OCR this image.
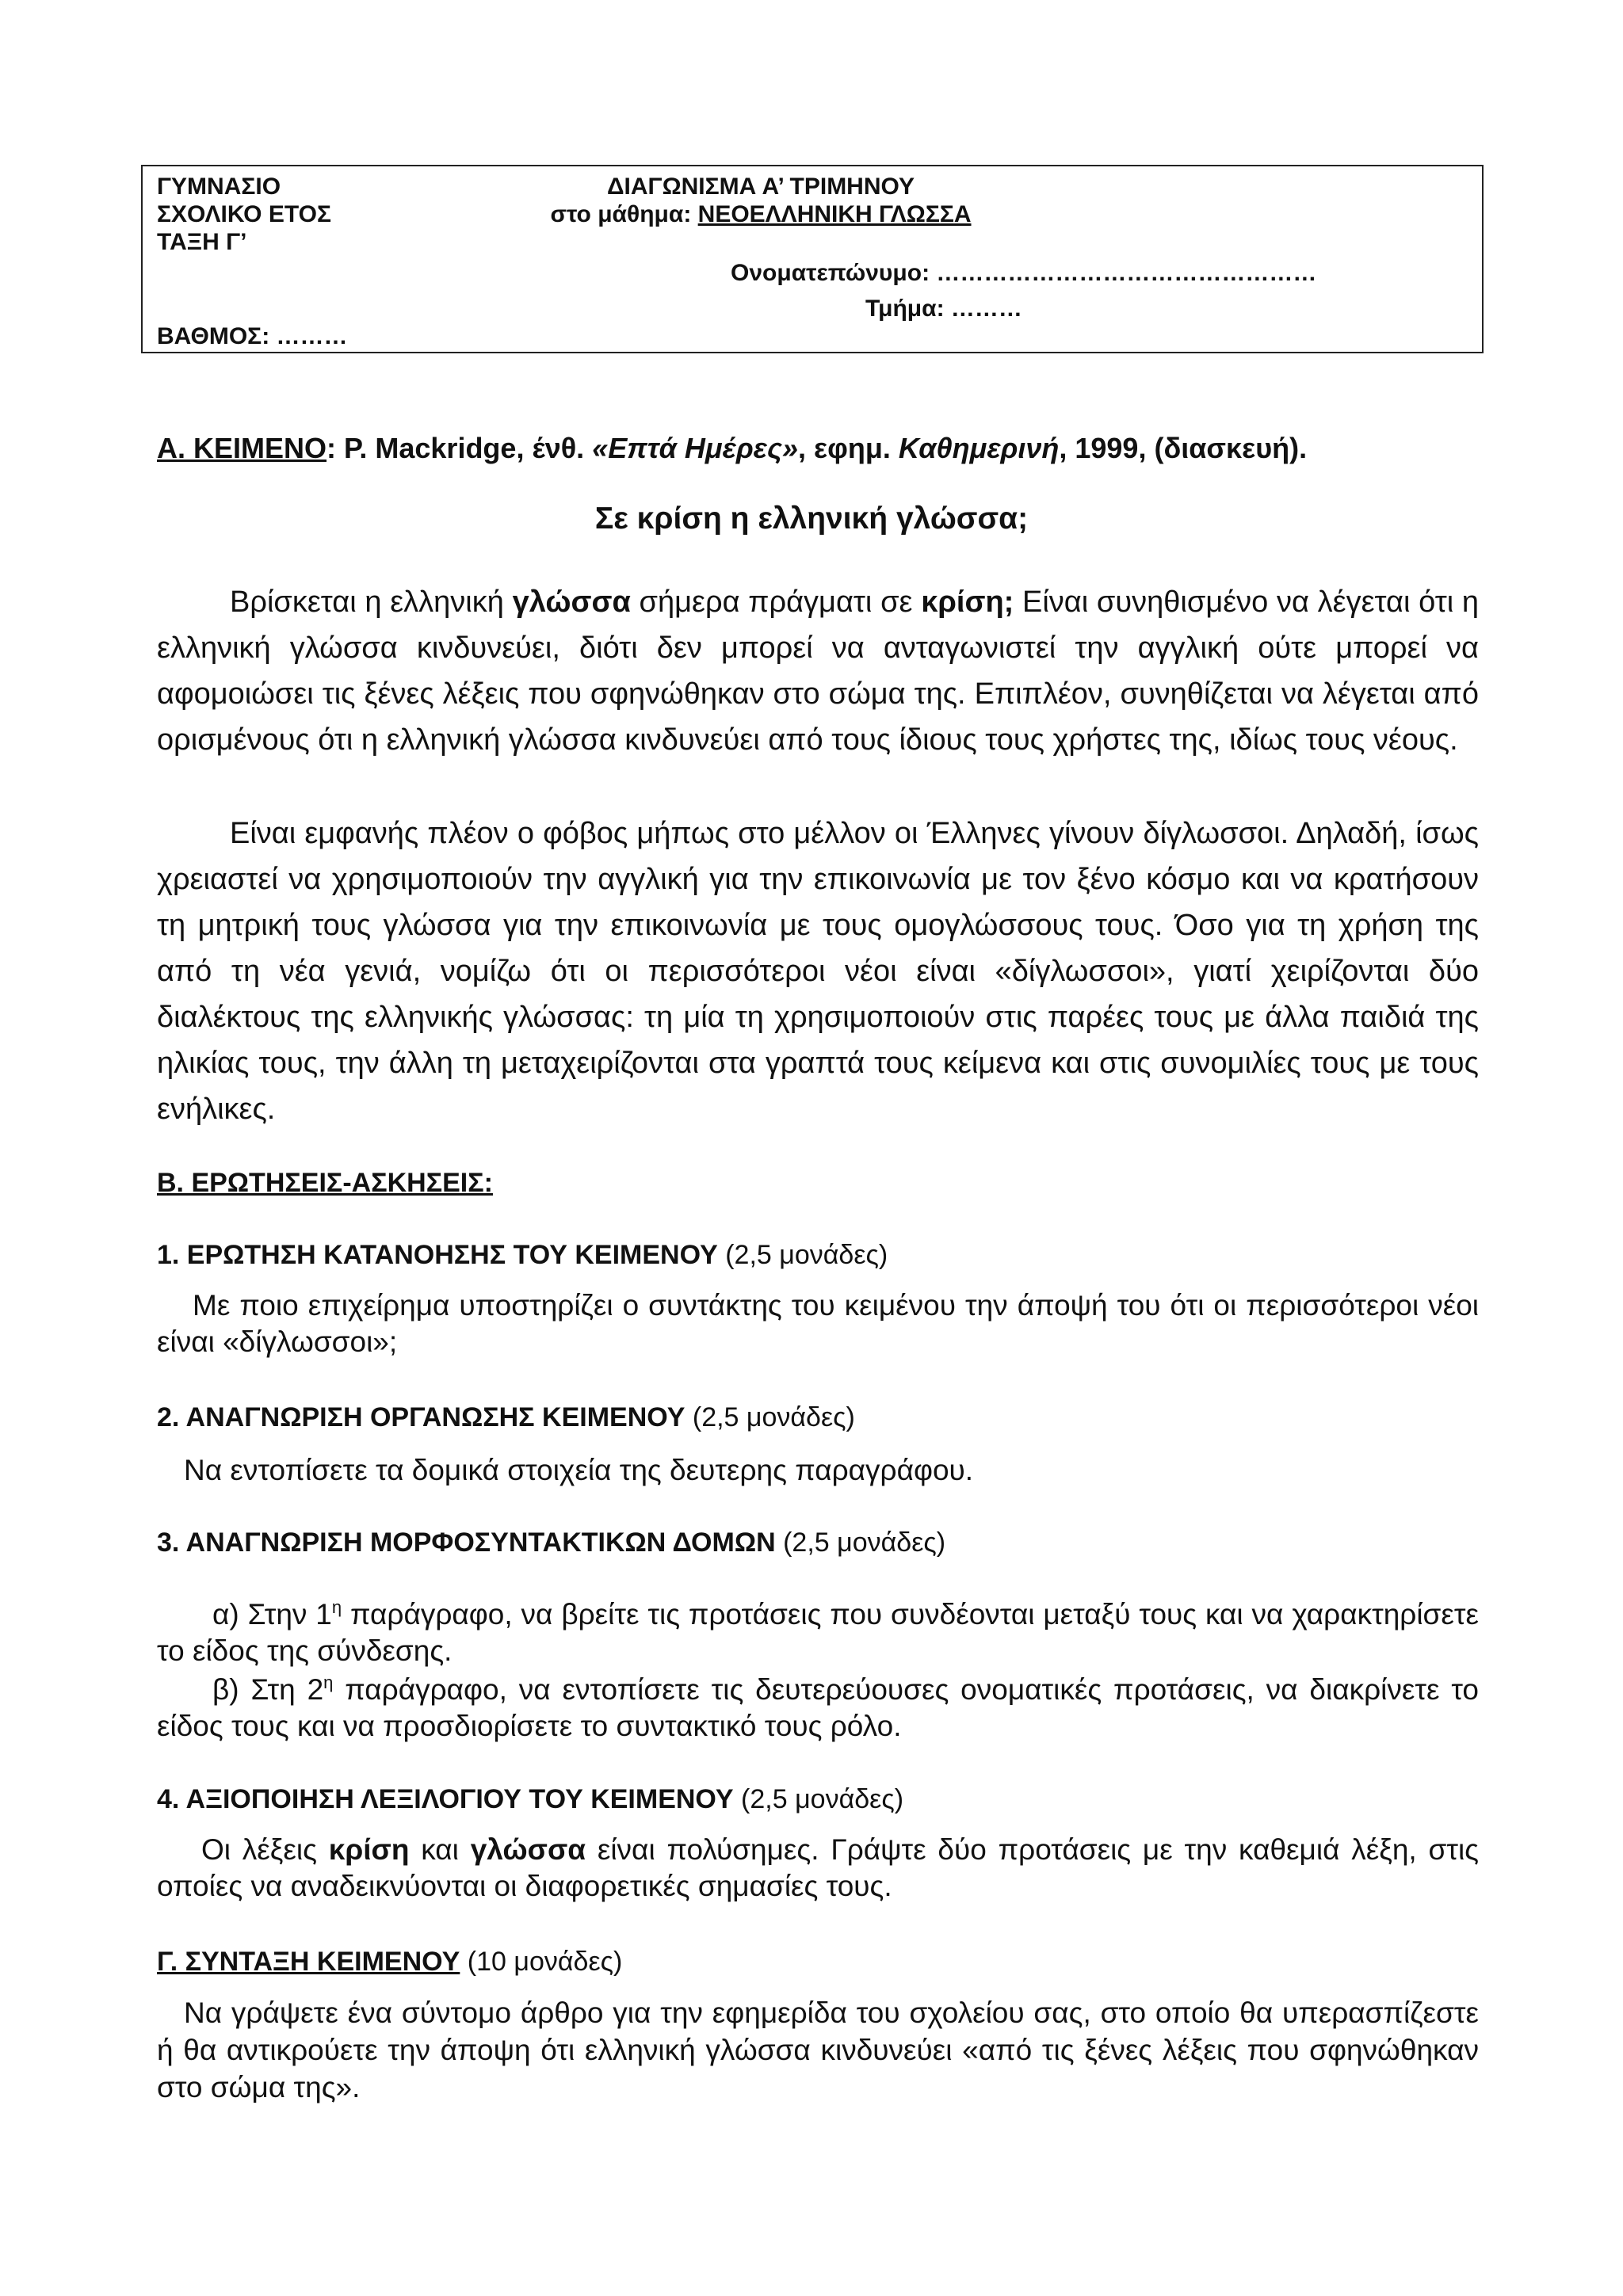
ΓΥΜΝΑΣΙΟ
ΣΧΟΛΙΚΟ ΕΤΟΣ
ΤΑΞΗ Γ’
ΒΑΘΜΟΣ: ………
ΔΙΑΓΩΝΙΣΜΑ Α’ ΤΡΙΜΗΝΟΥ
στο μάθημα: ΝΕΟΕΛΛΗΝΙΚΗ ΓΛΩΣΣΑ
Ονοματεπώνυμο: …………………………………………
Τμήμα: ………
Α. ΚΕΙΜΕΝΟ: P. Mackridge, ένθ. «Επτά Ημέρες», εφημ. Καθημερινή, 1999, (διασκευή).
Σε κρίση η ελληνική γλώσσα;
Βρίσκεται η ελληνική γλώσσα σήμερα πράγματι σε κρίση; Είναι συνηθισμένο να λέγεται ότι η ελληνική γλώσσα κινδυνεύει, διότι δεν μπορεί να ανταγωνιστεί την αγγλική ούτε μπορεί να αφομοιώσει τις ξένες λέξεις που σφηνώθηκαν στο σώμα της. Επιπλέον, συνηθίζεται να λέγεται από ορισμένους ότι η ελληνική γλώσσα κινδυνεύει από τους ίδιους τους χρήστες της, ιδίως τους νέους.
Είναι εμφανής πλέον ο φόβος μήπως στο μέλλον οι Έλληνες γίνουν δίγλωσσοι. Δηλαδή, ίσως χρειαστεί να χρησιμοποιούν την αγγλική για την επικοινωνία με τον ξένο κόσμο και να κρατήσουν τη μητρική τους γλώσσα για την επικοινωνία με τους ομογλώσσους τους. Όσο για τη χρήση της από τη νέα γενιά, νομίζω ότι οι περισσότεροι νέοι είναι «δίγλωσσοι», γιατί χειρίζονται δύο διαλέκτους της ελληνικής γλώσσας: τη μία τη χρησιμοποιούν στις παρέες τους με άλλα παιδιά της ηλικίας τους, την άλλη τη μεταχειρίζονται στα γραπτά τους κείμενα και στις συνομιλίες τους με τους ενήλικες.
Β. ΕΡΩΤΗΣΕΙΣ-ΑΣΚΗΣΕΙΣ:
1. ΕΡΩΤΗΣΗ ΚΑΤΑΝΟΗΣΗΣ ΤΟΥ ΚΕΙΜΕΝΟΥ (2,5 μονάδες)
Με ποιο επιχείρημα υποστηρίζει ο συντάκτης του κειμένου την άποψή του ότι οι περισσότεροι νέοι είναι «δίγλωσσοι»;
2. ΑΝΑΓΝΩΡΙΣΗ ΟΡΓΑΝΩΣΗΣ ΚΕΙΜΕΝΟΥ (2,5 μονάδες)
Να εντοπίσετε τα δομικά στοιχεία της δευτερης παραγράφου.
3. ΑΝΑΓΝΩΡΙΣΗ ΜΟΡΦΟΣΥΝΤΑΚΤΙΚΩΝ ΔΟΜΩΝ (2,5 μονάδες)
α) Στην $1^\eta$ παράγραφο, να βρείτε τις προτάσεις που συνδέονται μεταξύ τους και να χαρακτηρίσετε το είδος της σύνδεσης.
β) Στη $2^\eta$ παράγραφο, να εντοπίσετε τις δευτερεύουσες ονοματικές προτάσεις, να διακρίνετε το είδος τους και να προσδιορίσετε το συντακτικό τους ρόλο.
4. ΑΞΙΟΠΟΙΗΣΗ ΛΕΞΙΛΟΓΙΟΥ ΤΟΥ ΚΕΙΜΕΝΟΥ (2,5 μονάδες)
Οι λέξεις κρίση και γλώσσα είναι πολύσημες. Γράψτε δύο προτάσεις με την καθεμιά λέξη, στις οποίες να αναδεικνύονται οι διαφορετικές σημασίες τους.
Γ. ΣΥΝΤΑΞΗ ΚΕΙΜΕΝΟΥ (10 μονάδες)
Να γράψετε ένα σύντομο άρθρο για την εφημερίδα του σχολείου σας, στο οποίο θα υπερασπίζεστε ή θα αντικρούετε την άποψη ότι ελληνική γλώσσα κινδυνεύει «από τις ξένες λέξεις που σφηνώθηκαν στο σώμα της».
